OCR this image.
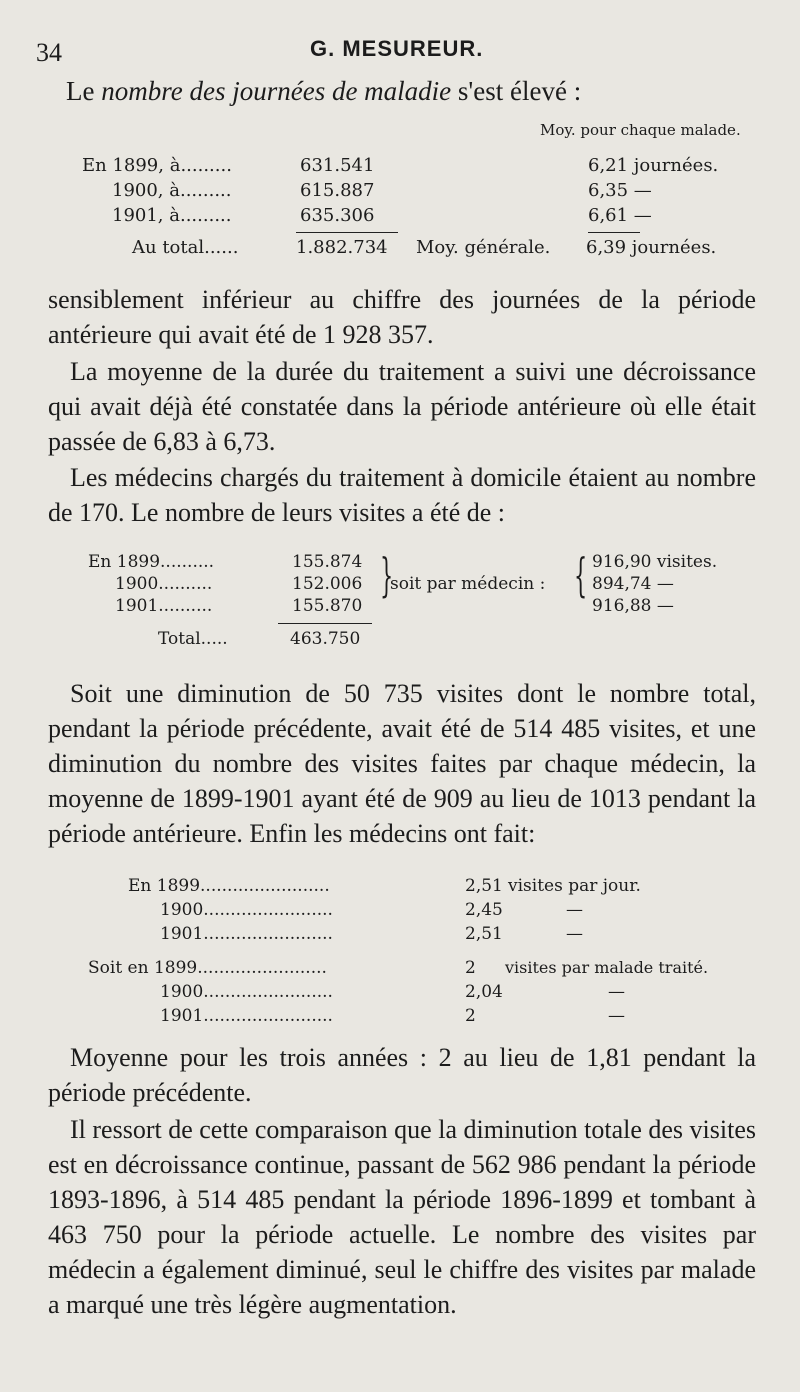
34	G. MESUREUR.
Le nombre des journées de maladie s'est élevé :
Moy. pour chaque malade.
En 1899, à.........	631.541	6,21 journées.
1900, à.........	615.887	6,35 —
1901, à.........	635.306	6,61 —
Au total......	1.882.734 Moy. générale. 6,39 journées.

sensiblement inférieur au chiffre des journées de la période antérieure qui avait été de 1 928 357.

La moyenne de la durée du traitement a suivi une décroissance qui avait déjà été constatée dans la période antérieure où elle était passée de 6,83 à 6,73.

Les médecins chargés du traitement à domicile étaient au nombre de 170. Le nombre de leurs visites a été de :

En 1899..........	155.874	916,90 visites.
1900..........	152.006	894,74 —
1901..........	155.870	916,88 —
}
soit par médecin : {
Total.....	463.750

Soit une diminution de 50 735 visites dont le nombre total, pendant la période précédente, avait été de 514 485 visites, et une diminution du nombre des visites faites par chaque médecin, la moyenne de 1899-1901 ayant été de 909 au lieu de 1013 pendant la période antérieure. Enfin les médecins ont fait:

En 1899........................	2,51 visites par jour.
1900........................	2,45	—
1901........................	2,51	—
Soit en 1899........................	2 visites par malade traité.
1900........................	2,04	—
1901........................	2	—

Moyenne pour les trois années : 2 au lieu de 1,81 pendant la période précédente.

Il ressort de cette comparaison que la diminution totale des visites est en décroissance continue, passant de 562 986 pendant la période 1893-1896, à 514 485 pendant la période 1896-1899 et tombant à 463 750 pour la période actuelle. Le nombre des visites par médecin a également diminué, seul le chiffre des visites par malade a marqué une très légère augmentation.
